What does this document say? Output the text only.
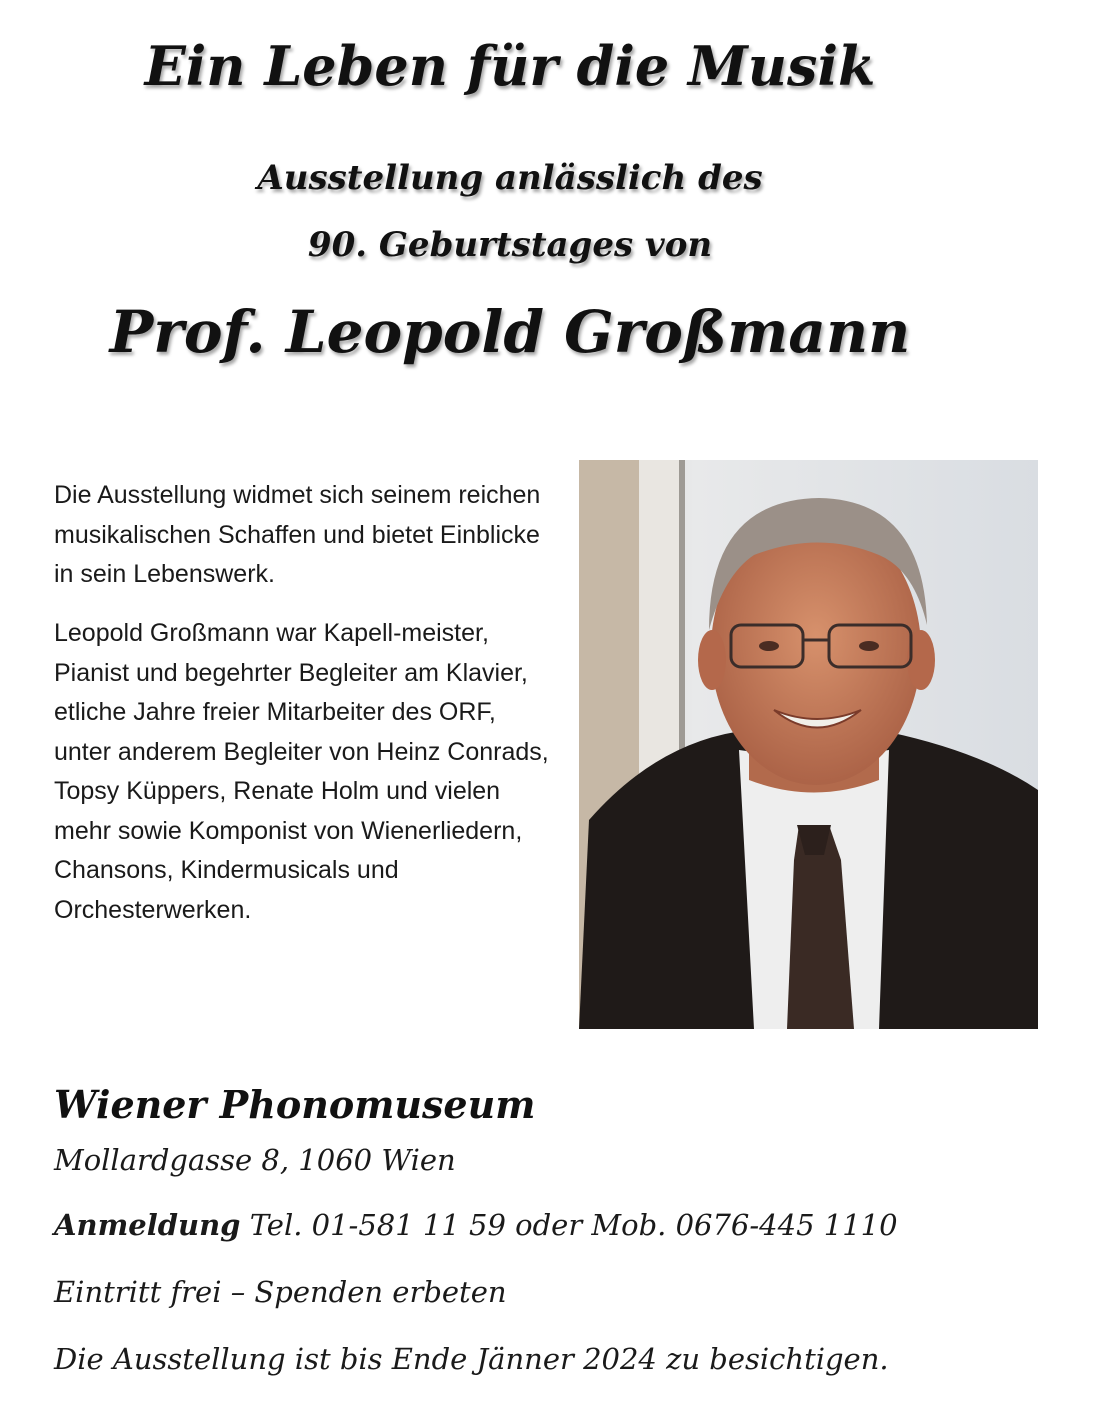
Ein Leben für die Musik
Ausstellung anlässlich des
90. Geburtstages von
Prof. Leopold Großmann

Die Ausstellung widmet sich seinem reichen musikalischen Schaffen und bietet Einblicke in sein Lebenswerk.

Leopold Großmann war Kapell-meister, Pianist und begehrter Begleiter am Klavier, etliche Jahre freier Mitarbeiter des ORF, unter anderem Begleiter von Heinz Conrads, Topsy Küppers, Renate Holm und vielen mehr sowie Komponist von Wienerliedern, Chansons, Kindermusicals und Orchesterwerken.

Wiener Phonomuseum
Mollardgasse 8, 1060 Wien
Anmeldung Tel. 01-581 11 59 oder Mob. 0676-445 1110
Eintritt frei – Spenden erbeten
Die Ausstellung ist bis Ende Jänner 2024 zu besichtigen.
